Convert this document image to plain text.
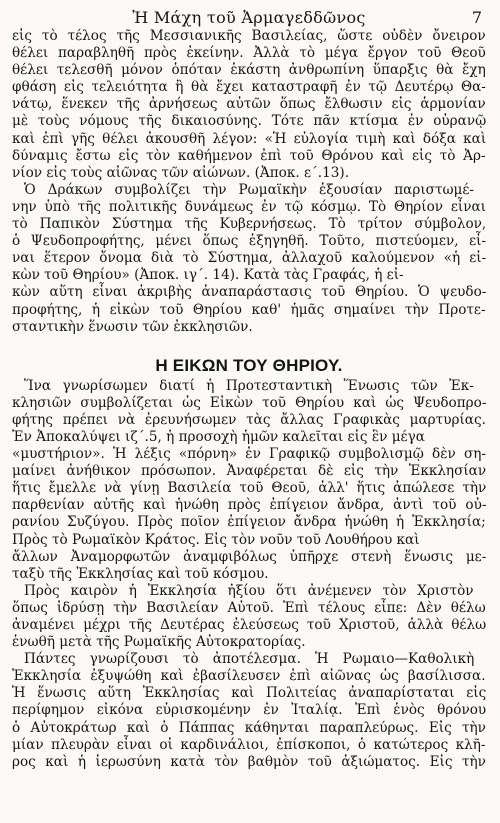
Ἡ Μάχη τοῦ Ἀρμαγεδδῶνος	7
εἰς τὸ τέλος τῆς Μεσσιανικῆς Βασιλείας, ὥστε οὐδὲν ὄνειρον
θέλει παραβληθῆ πρὸς ἐκείνην. Ἀλλὰ τὸ μέγα ἔργον τοῦ Θεοῦ
θέλει τελεσθῆ μόνον ὁπόταν ἑκάστη ἀνθρωπίνη ὕπαρξις θὰ ἔχη
φθάση εἰς τελειότητα ἢ θὰ ἔχει καταστραφῆ ἐν τῷ Δευτέρῳ Θα-
νάτῳ, ἕνεκεν τῆς ἀρνήσεως αὐτῶν ὅπως ἔλθωσιν εἰς ἁρμονίαν
μὲ τοὺς νόμους τῆς δικαιοσύνης. Τότε πᾶν κτίσμα ἐν οὐρανῷ
καὶ ἐπὶ γῆς θέλει ἀκουσθῆ λέγον: «Ἡ εὐλογία τιμὴ καὶ δόξα καὶ
δύναμις ἔστω εἰς τὸν καθήμενον ἐπὶ τοῦ Θρόνου καὶ εἰς τὸ Ἀρ-
νίον εἰς τοὺς αἰῶνας τῶν αἰώνων. (Ἀποκ. ε΄.13).
Ὁ Δράκων συμβολίζει τὴν Ρωμαϊκὴν ἐξουσίαν παριστωμέ-
νην ὑπὸ τῆς πολιτικῆς δυνάμεως ἐν τῷ κόσμῳ. Τὸ Θηρίον εἶναι
τὸ Παπικὸν Σύστημα τῆς Κυβερνήσεως. Τὸ τρίτον σύμβολον,
ὁ Ψευδοπροφήτης, μένει ὅπως ἐξηγηθῆ. Τοῦτο, πιστεύομεν, εἶ-
ναι ἕτερον ὄνομα διὰ τὸ Σύστημα, ἀλλαχοῦ καλούμενον «ἡ εἰ-
κὼν τοῦ Θηρίου» (Ἀποκ. ιγ΄. 14). Κατὰ τὰς Γραφάς, ἡ εἰ-
κὼν αὕτη εἶναι ἀκριβὴς ἀναπαράστασις τοῦ Θηρίου. Ὁ ψευδο-
προφήτης, ἡ εἰκὼν τοῦ Θηρίου καθ' ἡμᾶς σημαίνει τὴν Προτε-
σταντικὴν ἕνωσιν τῶν ἐκκλησιῶν.
Η ΕΙΚΩΝ ΤΟΥ ΘΗΡΙΟΥ.
Ἵνα γνωρίσωμεν διατί ἡ Προτεσταντικὴ Ἕνωσις τῶν Ἐκ-
κλησιῶν συμβολίζεται ὡς Εἰκὼν τοῦ Θηρίου καὶ ὡς Ψευδοπρο-
φήτης πρέπει νὰ ἐρευνήσωμεν τὰς ἄλλας Γραφικὰς μαρτυρίας.
Ἐν Ἀποκαλύψει ιζ΄.5, ἡ προσοχὴ ἡμῶν καλεῖται εἰς ἓν μέγα
«μυστήριον». Ἡ λέξις «πόρνη» ἐν Γραφικῷ συμβολισμῷ δὲν ση-
μαίνει ἀνήθικον πρόσωπον. Ἀναφέρεται δὲ εἰς τὴν Ἐκκλησίαν
ἥτις ἔμελλε νὰ γίνῃ Βασιλεία τοῦ Θεοῦ, ἀλλ' ἥτις ἀπώλεσε τὴν
παρθενίαν αὐτῆς καὶ ἡνώθη πρὸς ἐπίγειον ἄνδρα, ἀντὶ τοῦ οὐ-
ρανίου Συζύγου. Πρὸς ποῖον ἐπίγειον ἄνδρα ἡνώθη ἡ Ἐκκλησία;
Πρὸς τὸ Ρωμαϊκὸν Κράτος. Εἰς τὸν νοῦν τοῦ Λουθήρου καὶ
ἄλλων Ἀναμορφωτῶν ἀναμφιβόλως ὑπῆρχε στενὴ ἕνωσις με-
ταξὺ τῆς Ἐκκλησίας καὶ τοῦ κόσμου.
Πρὸς καιρὸν ἡ Ἐκκλησία ἠξίου ὅτι ἀνέμενεν τὸν Χριστὸν
ὅπως ἱδρύσῃ τὴν Βασιλείαν Αὐτοῦ. Ἐπὶ τέλους εἶπε: Δὲν θέλω
ἀναμένει μέχρι τῆς Δευτέρας ἐλεύσεως τοῦ Χριστοῦ, ἀλλὰ θέλω
ἑνωθῆ μετὰ τῆς Ρωμαϊκῆς Αὐτοκρατορίας.
Πάντες γνωρίζουσι τὸ ἀποτέλεσμα. Ἡ Ρωμαιο—Καθολικὴ
Ἐκκλησία ἐξυψώθη καὶ ἐβασίλευσεν ἐπὶ αἰῶνας ὡς βασίλισσα.
Ἡ ἕνωσις αὕτη Ἐκκλησίας καὶ Πολιτείας ἀναπαρίσταται εἰς
περίφημον εἰκόνα εὑρισκομένην ἐν Ἰταλίᾳ. Ἐπὶ ἑνὸς θρόνου
ὁ Αὐτοκράτωρ καὶ ὁ Πάππας κάθηνται παραπλεύρως. Εἰς τὴν
μίαν πλευρὰν εἶναι οἱ καρδινάλιοι, ἐπίσκοποι, ὁ κατώτερος κλῆ-
ρος καὶ ἡ ἱερωσύνη κατὰ τὸν βαθμὸν τοῦ ἀξιώματος. Εἰς τὴν
